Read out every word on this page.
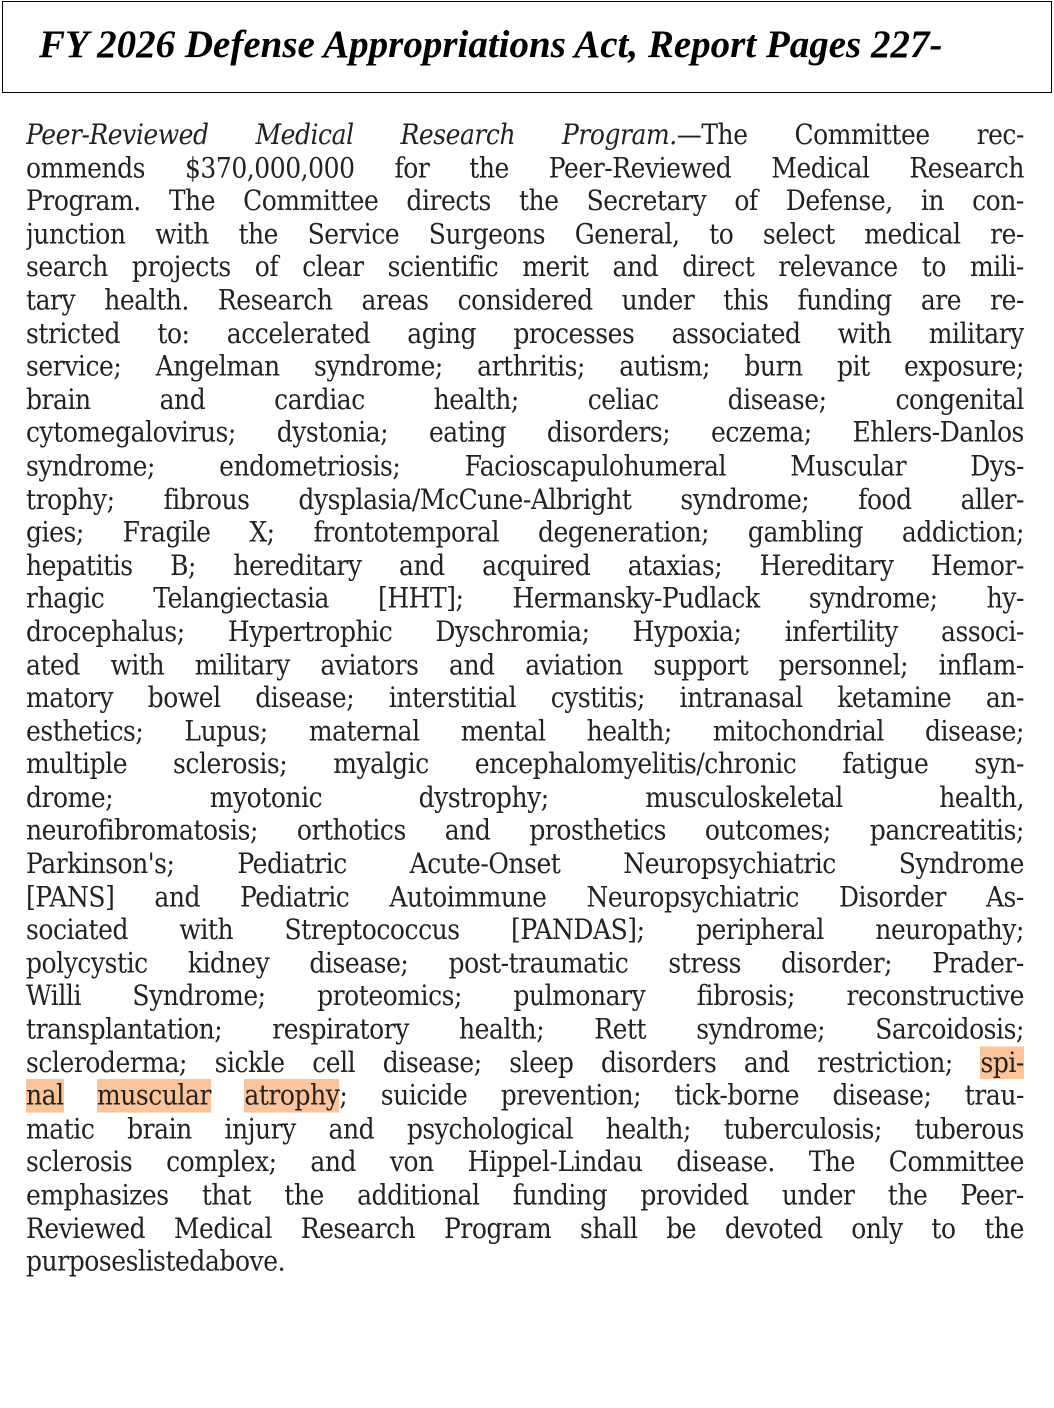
FY 2026 Defense Appropriations Act, Report Pages 227-
Peer-Reviewed Medical Research Program.—The Committee rec-
ommends $370,000,000 for the Peer-Reviewed Medical Research
Program. The Committee directs the Secretary of Defense, in con-
junction with the Service Surgeons General, to select medical re-
search projects of clear scientific merit and direct relevance to mili-
tary health. Research areas considered under this funding are re-
stricted to: accelerated aging processes associated with military
service; Angelman syndrome; arthritis; autism; burn pit exposure;
brain	and	cardiac	health;	celiac	disease;	congenital
cytomegalovirus; dystonia; eating disorders; eczema; Ehlers-Danlos
syndrome;	endometriosis;	Facioscapulohumeral	Muscular	Dys-
trophy; fibrous dysplasia/McCune-Albright syndrome; food aller-
gies; Fragile X; frontotemporal degeneration; gambling addiction;
hepatitis B; hereditary and acquired ataxias; Hereditary Hemor-
rhagic Telangiectasia [HHT]; Hermansky-Pudlack syndrome; hy-
drocephalus; Hypertrophic Dyschromia; Hypoxia; infertility associ-
ated with military aviators and aviation support personnel; inflam-
matory bowel disease; interstitial cystitis; intranasal ketamine an-
esthetics; Lupus; maternal mental health; mitochondrial disease;
multiple sclerosis; myalgic encephalomyelitis/chronic fatigue syn-
drome;	myotonic	dystrophy;	musculoskeletal	health,
neurofibromatosis; orthotics and prosthetics outcomes; pancreatitis;
Parkinson's;	Pediatric	Acute-Onset	Neuropsychiatric	Syndrome
[PANS] and Pediatric Autoimmune Neuropsychiatric Disorder As-
sociated with Streptococcus [PANDAS]; peripheral neuropathy;
polycystic kidney disease; post-traumatic stress disorder; Prader-
Willi Syndrome; proteomics; pulmonary fibrosis; reconstructive
transplantation; respiratory health; Rett syndrome; Sarcoidosis;
scleroderma; sickle cell disease; sleep disorders and restriction; spi-
nal muscular atrophy; suicide prevention; tick-borne disease; trau-
matic brain injury and psychological health; tuberculosis; tuberous
sclerosis complex; and von Hippel-Lindau disease. The Committee
emphasizes that the additional funding provided under the Peer-
Reviewed Medical Research Program shall be devoted only to the
purposes listed above.
